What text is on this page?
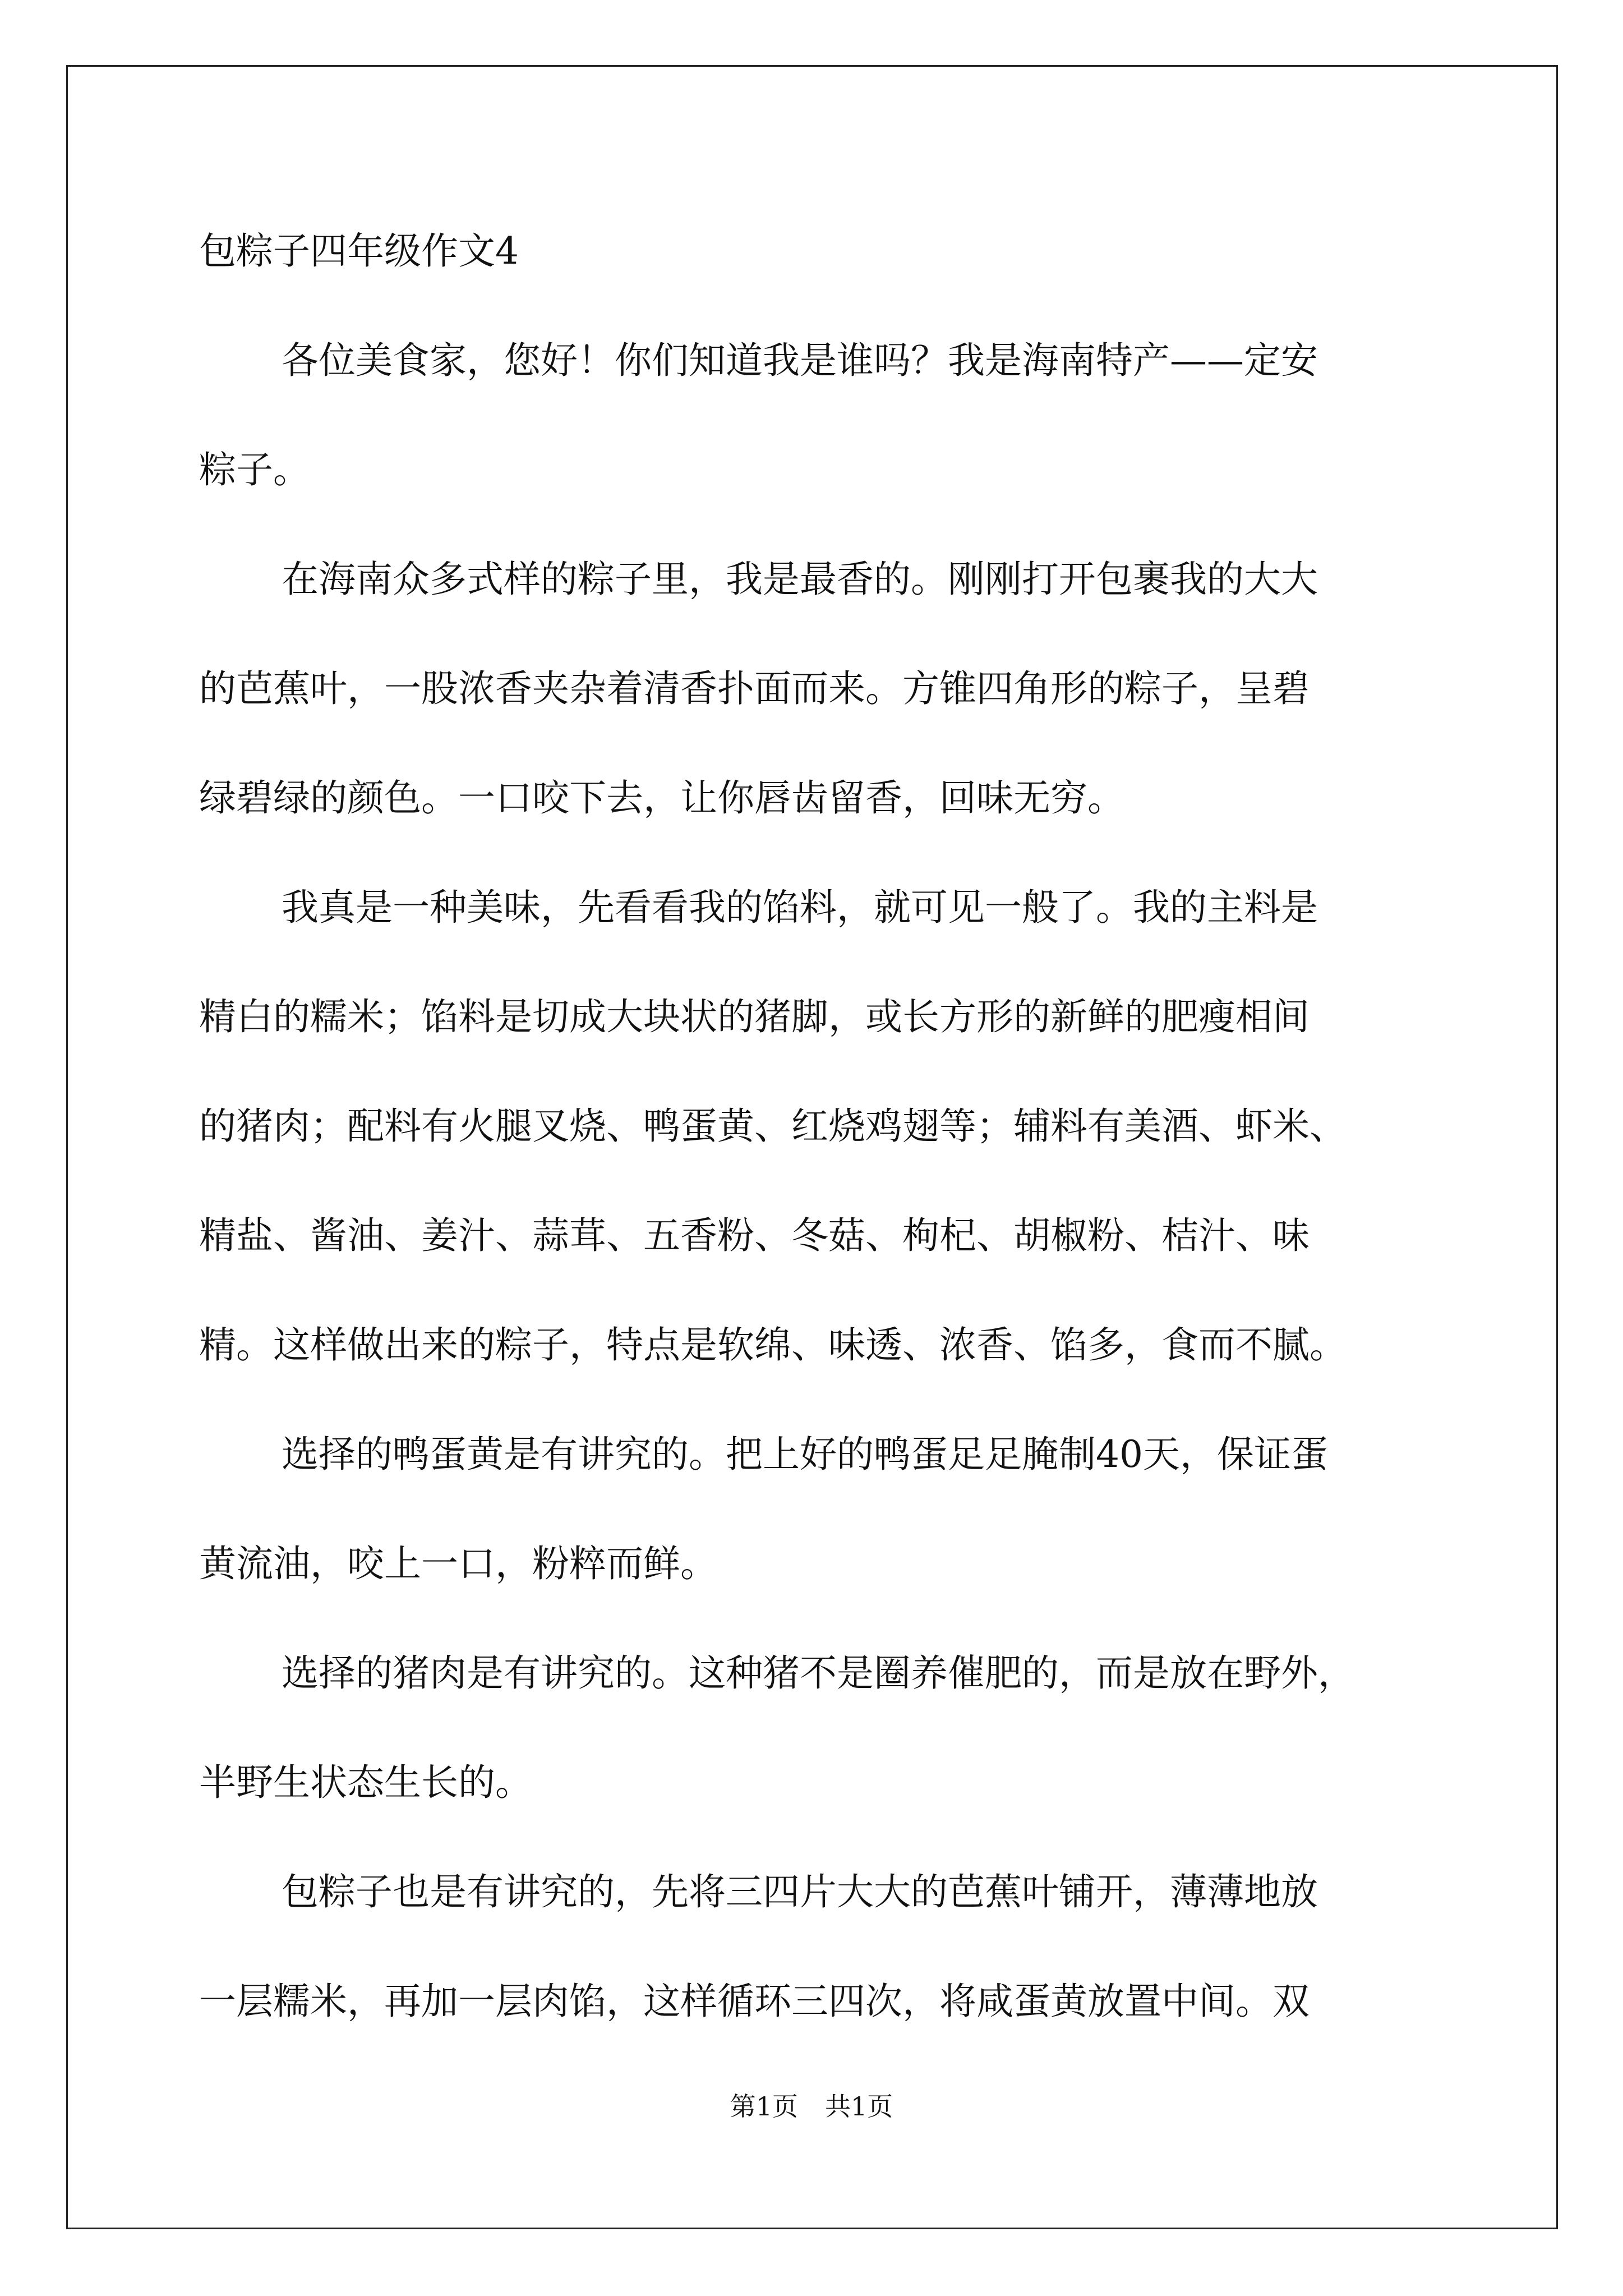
包粽子四年级作文4
各位美食家，您好！你们知道我是谁吗？我是海南特产——定安
粽子。
在海南众多式样的粽子里，我是最香的。刚刚打开包裹我的大大
的芭蕉叶，一股浓香夹杂着清香扑面而来。方锥四角形的粽子，呈碧
绿碧绿的颜色。一口咬下去，让你唇齿留香，回味无穷。
我真是一种美味，先看看我的馅料，就可见一般了。我的主料是
精白的糯米；馅料是切成大块状的猪脚，或长方形的新鲜的肥瘦相间
的猪肉；配料有火腿叉烧、鸭蛋黄、红烧鸡翅等；辅料有美酒、虾米、
精盐、酱油、姜汁、蒜茸、五香粉、冬菇、枸杞、胡椒粉、桔汁、味
精。这样做出来的粽子，特点是软绵、味透、浓香、馅多，食而不腻。
选择的鸭蛋黄是有讲究的。把上好的鸭蛋足足腌制40天，保证蛋
黄流油，咬上一口，粉粹而鲜。
选择的猪肉是有讲究的。这种猪不是圈养催肥的，而是放在野外，
半野生状态生长的。
包粽子也是有讲究的，先将三四片大大的芭蕉叶铺开，薄薄地放
一层糯米，再加一层肉馅，这样循环三四次，将咸蛋黄放置中间。双
第1页 共1页
